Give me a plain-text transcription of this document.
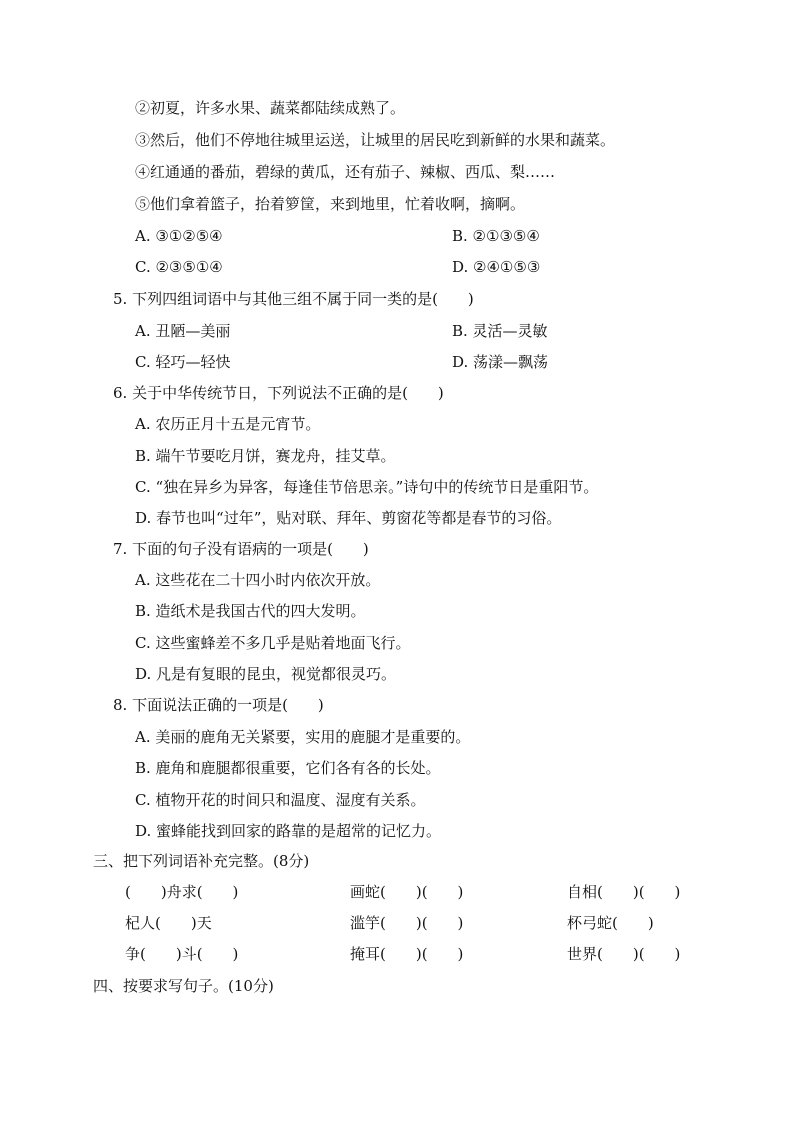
②初夏，许多水果、蔬菜都陆续成熟了。
③然后，他们不停地往城里运送，让城里的居民吃到新鲜的水果和蔬菜。
④红通通的番茄，碧绿的黄瓜，还有茄子、辣椒、西瓜、梨……
⑤他们拿着篮子，抬着箩筐，来到地里，忙着收啊，摘啊。
A. ③①②⑤④	B. ②①③⑤④
C. ②③⑤①④	D. ②④①⑤③
5. 下列四组词语中与其他三组不属于同一类的是(　　)
A. 丑陋—美丽	B. 灵活—灵敏
C. 轻巧—轻快	D. 荡漾—飘荡
6. 关于中华传统节日，下列说法不正确的是(　　)
A. 农历正月十五是元宵节。
B. 端午节要吃月饼，赛龙舟，挂艾草。
C. “独在异乡为异客，每逢佳节倍思亲。”诗句中的传统节日是重阳节。
D. 春节也叫“过年”，贴对联、拜年、剪窗花等都是春节的习俗。
7. 下面的句子没有语病的一项是(　　)
A. 这些花在二十四小时内依次开放。
B. 造纸术是我国古代的四大发明。
C. 这些蜜蜂差不多几乎是贴着地面飞行。
D. 凡是有复眼的昆虫，视觉都很灵巧。
8. 下面说法正确的一项是(　　)
A. 美丽的鹿角无关紧要，实用的鹿腿才是重要的。
B. 鹿角和鹿腿都很重要，它们各有各的长处。
C. 植物开花的时间只和温度、湿度有关系。
D. 蜜蜂能找到回家的路靠的是超常的记忆力。
三、把下列词语补充完整。(8分)
(　　)舟求(　　)	画蛇(　　)(　　)	自相(　　)(　　)
杞人(　　)天	滥竽(　　)(　　)	杯弓蛇(　　)
争(　　)斗(　　)	掩耳(　　)(　　)	世界(　　)(　　)
四、按要求写句子。(10分)
